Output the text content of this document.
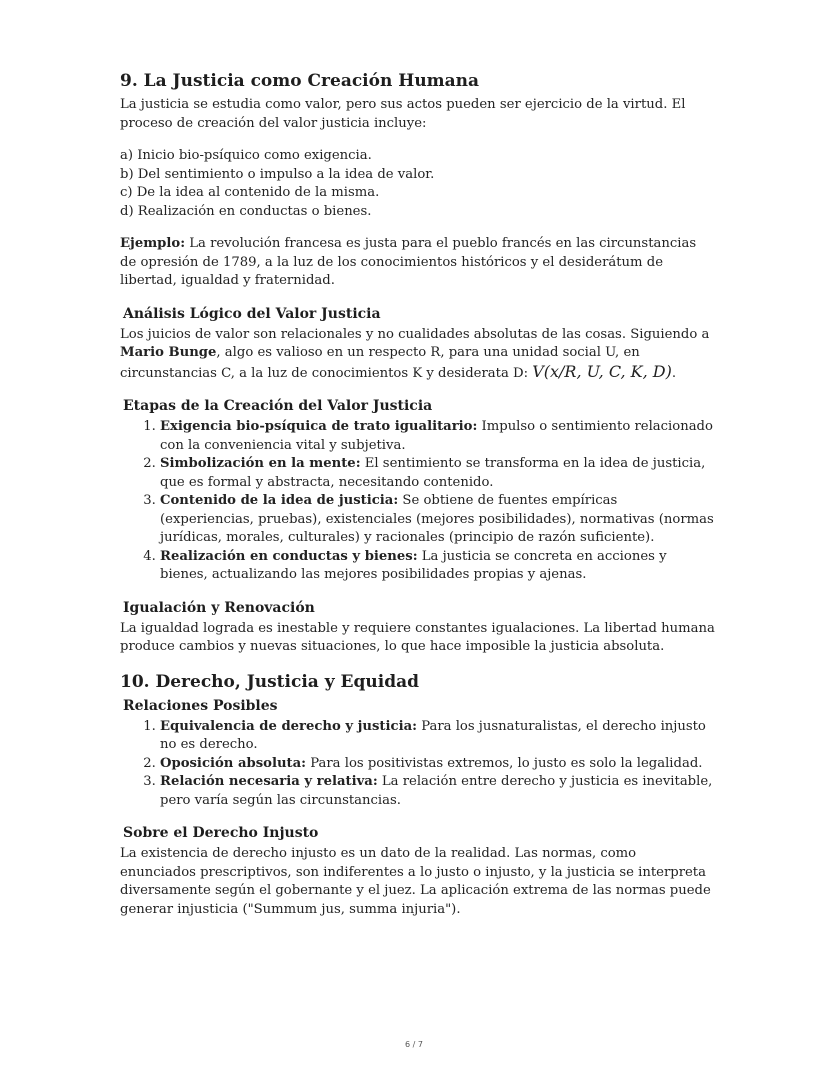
9. La Justicia como Creación Humana

La justicia se estudia como valor, pero sus actos pueden ser ejercicio de la virtud. El proceso de creación del valor justicia incluye:

a) Inicio bio-psíquico como exigencia.
b) Del sentimiento o impulso a la idea de valor.
c) De la idea al contenido de la misma.
d) Realización en conductas o bienes.

Ejemplo: La revolución francesa es justa para el pueblo francés en las circunstancias de opresión de 1789, a la luz de los conocimientos históricos y el desiderátum de libertad, igualdad y fraternidad.

Análisis Lógico del Valor Justicia

Los juicios de valor son relacionales y no cualidades absolutas de las cosas. Siguiendo a Mario Bunge, algo es valioso en un respecto R, para una unidad social U, en circunstancias C, a la luz de conocimientos K y desiderata D: V(x/R, U, C, K, D).

Etapas de la Creación del Valor Justicia
1. Exigencia bio-psíquica de trato igualitario: Impulso o sentimiento relacionado con la conveniencia vital y subjetiva.
2. Simbolización en la mente: El sentimiento se transforma en la idea de justicia, que es formal y abstracta, necesitando contenido.
3. Contenido de la idea de justicia: Se obtiene de fuentes empíricas (experiencias, pruebas), existenciales (mejores posibilidades), normativas (normas jurídicas, morales, culturales) y racionales (principio de razón suficiente).
4. Realización en conductas y bienes: La justicia se concreta en acciones y bienes, actualizando las mejores posibilidades propias y ajenas.
Igualación y Renovación

La igualdad lograda es inestable y requiere constantes igualaciones. La libertad humana produce cambios y nuevas situaciones, lo que hace imposible la justicia absoluta.

10. Derecho, Justicia y Equidad
Relaciones Posibles
1. Equivalencia de derecho y justicia: Para los jusnaturalistas, el derecho injusto no es derecho.
2. Oposición absoluta: Para los positivistas extremos, lo justo es solo la legalidad.
3. Relación necesaria y relativa: La relación entre derecho y justicia es inevitable, pero varía según las circunstancias.
Sobre el Derecho Injusto

La existencia de derecho injusto es un dato de la realidad. Las normas, como enunciados prescriptivos, son indiferentes a lo justo o injusto, y la justicia se interpreta diversamente según el gobernante y el juez. La aplicación extrema de las normas puede generar injusticia ("Summum jus, summa injuria").

6 / 7
